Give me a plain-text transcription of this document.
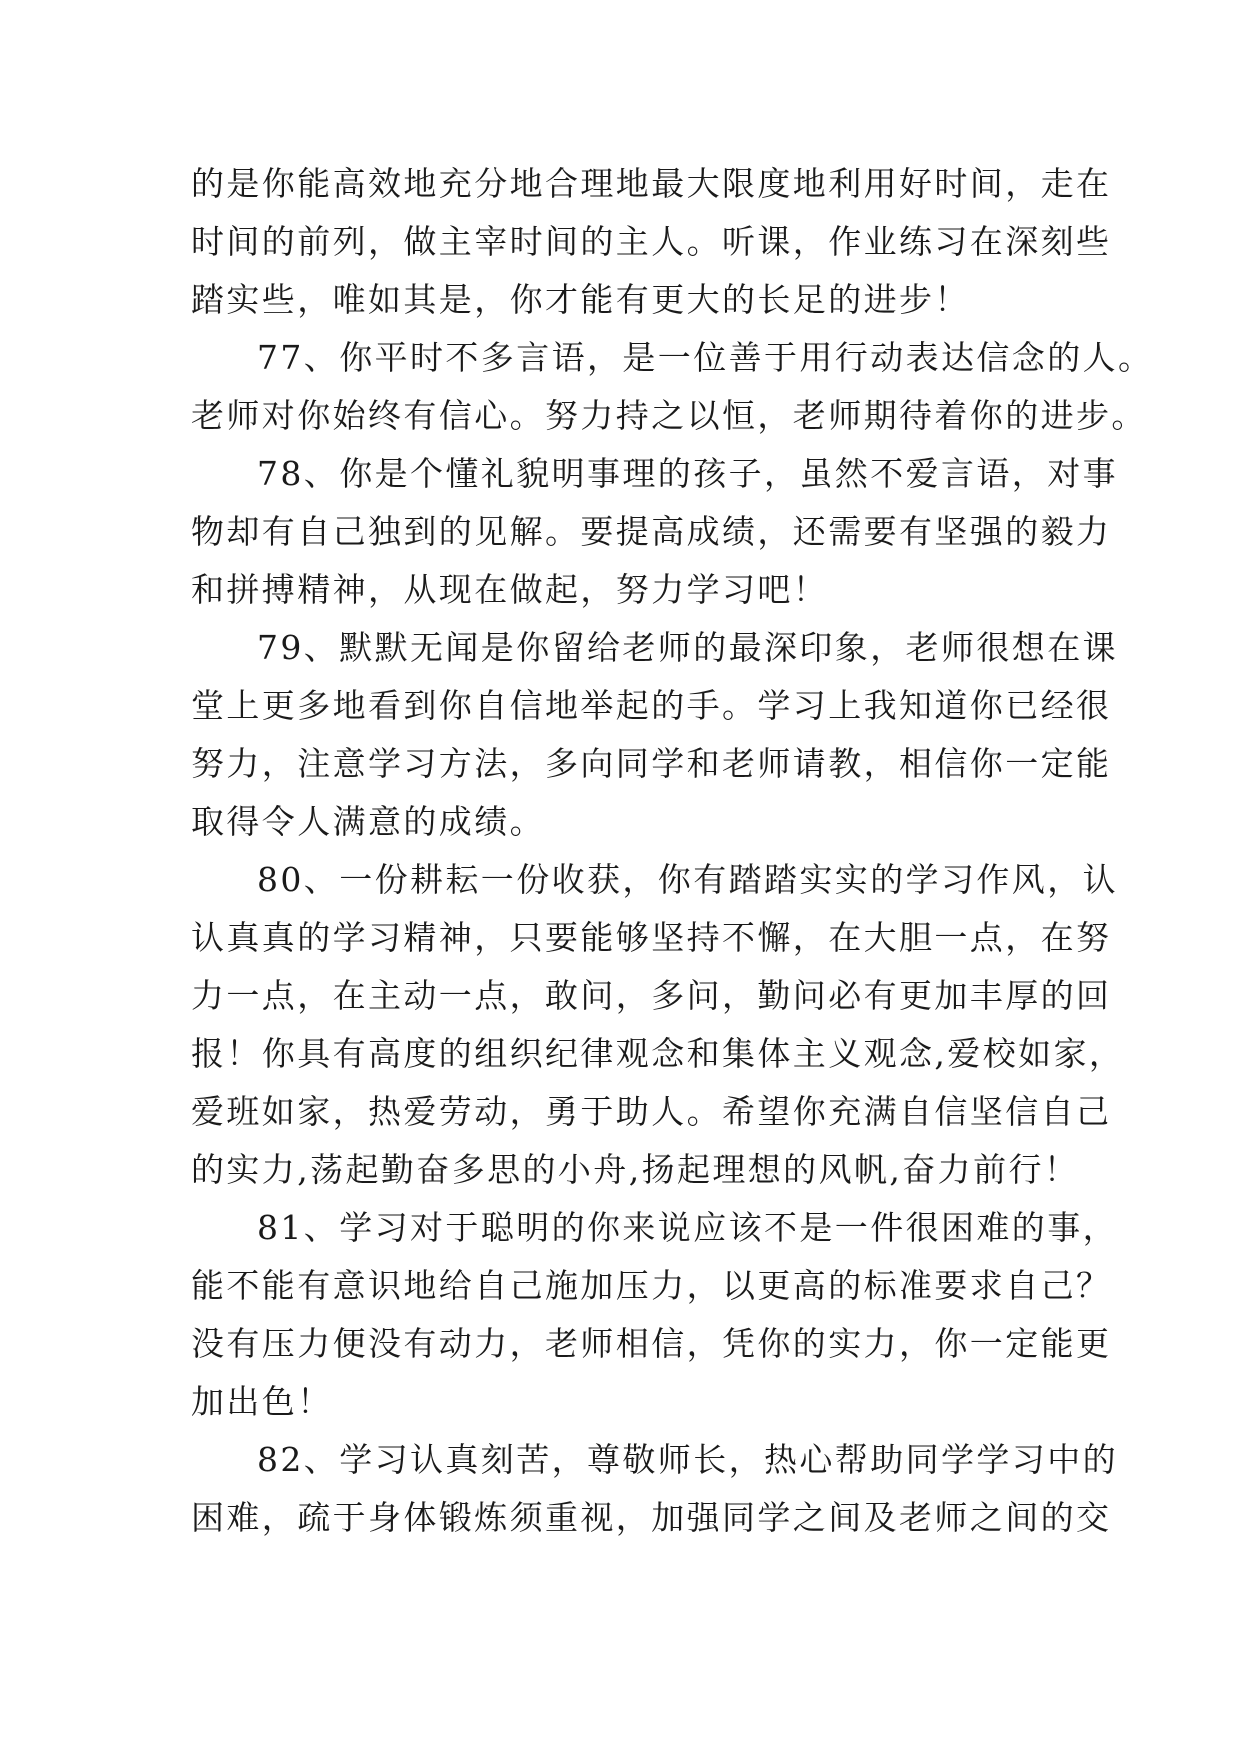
的是你能高效地充分地合理地最大限度地利用好时间，走在
时间的前列，做主宰时间的主人。听课，作业练习在深刻些
踏实些，唯如其是，你才能有更大的长足的进步！
77、你平时不多言语，是一位善于用行动表达信念的人。
老师对你始终有信心。努力持之以恒，老师期待着你的进步。
78、你是个懂礼貌明事理的孩子，虽然不爱言语，对事
物却有自己独到的见解。要提高成绩，还需要有坚强的毅力
和拼搏精神，从现在做起，努力学习吧！
79、默默无闻是你留给老师的最深印象，老师很想在课
堂上更多地看到你自信地举起的手。学习上我知道你已经很
努力，注意学习方法，多向同学和老师请教，相信你一定能
取得令人满意的成绩。
80、一份耕耘一份收获，你有踏踏实实的学习作风，认
认真真的学习精神，只要能够坚持不懈，在大胆一点，在努
力一点，在主动一点，敢问，多问，勤问必有更加丰厚的回
报！你具有高度的组织纪律观念和集体主义观念,爱校如家，
爱班如家，热爱劳动，勇于助人。希望你充满自信坚信自己
的实力,荡起勤奋多思的小舟,扬起理想的风帆,奋力前行！
81、学习对于聪明的你来说应该不是一件很困难的事，
能不能有意识地给自己施加压力，以更高的标准要求自己？
没有压力便没有动力，老师相信，凭你的实力，你一定能更
加出色！
82、学习认真刻苦，尊敬师长，热心帮助同学学习中的
困难，疏于身体锻炼须重视，加强同学之间及老师之间的交
